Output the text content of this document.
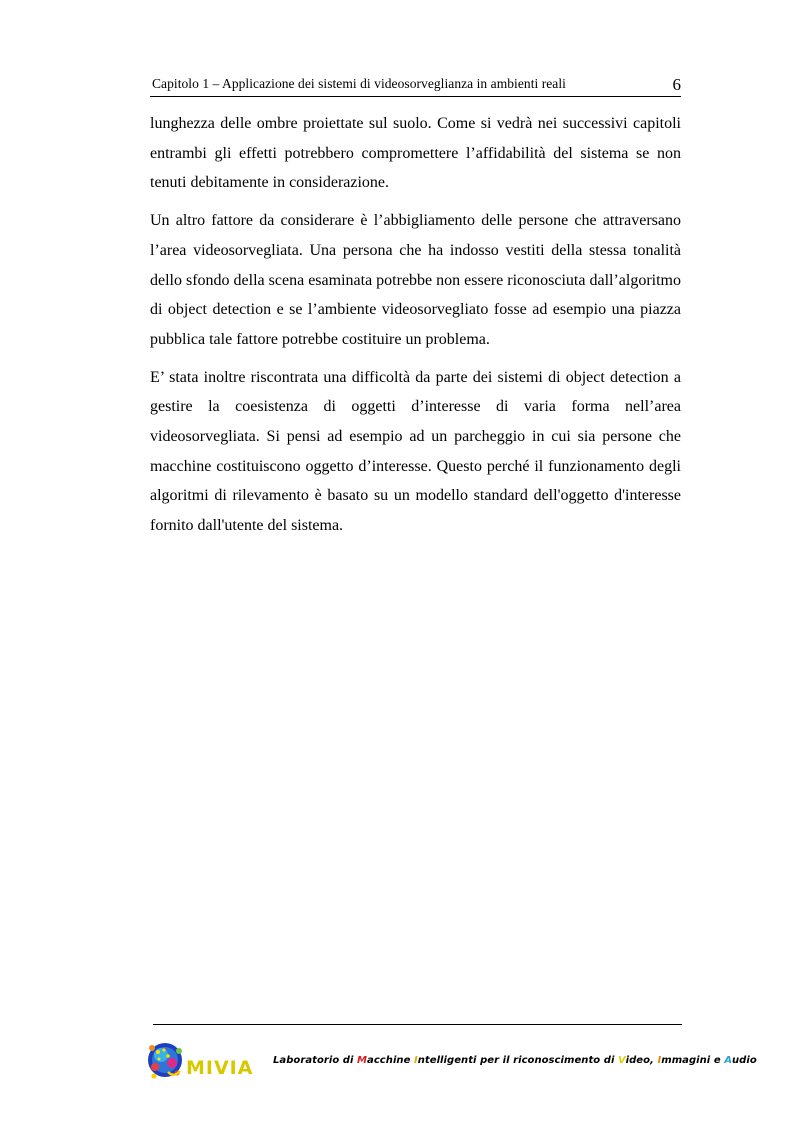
Capitolo 1 – Applicazione dei sistemi di videosorveglianza in ambienti reali	6

lunghezza delle ombre proiettate sul suolo. Come si vedrà nei successivi capitoli entrambi gli effetti potrebbero compromettere l’affidabilità del sistema se non tenuti debitamente in considerazione.

Un altro fattore da considerare è l’abbigliamento delle persone che attraversano l’area videosorvegliata. Una persona che ha indosso vestiti della stessa tonalità dello sfondo della scena esaminata potrebbe non essere riconosciuta dall’algoritmo di object detection e se l’ambiente videosorvegliato fosse ad esempio una piazza pubblica tale fattore potrebbe costituire un problema.

E’ stata inoltre riscontrata una difficoltà da parte dei sistemi di object detection a gestire la coesistenza di oggetti d’interesse di varia forma nell’area videosorvegliata. Si pensi ad esempio ad un parcheggio in cui sia persone che macchine costituiscono oggetto d’interesse. Questo perché il funzionamento degli algoritmi di rilevamento è basato su un modello standard dell'oggetto d'interesse fornito dall'utente del sistema.

MIVIA Laboratorio di Macchine Intelligenti per il riconoscimento di Video, Immagini e Audio
